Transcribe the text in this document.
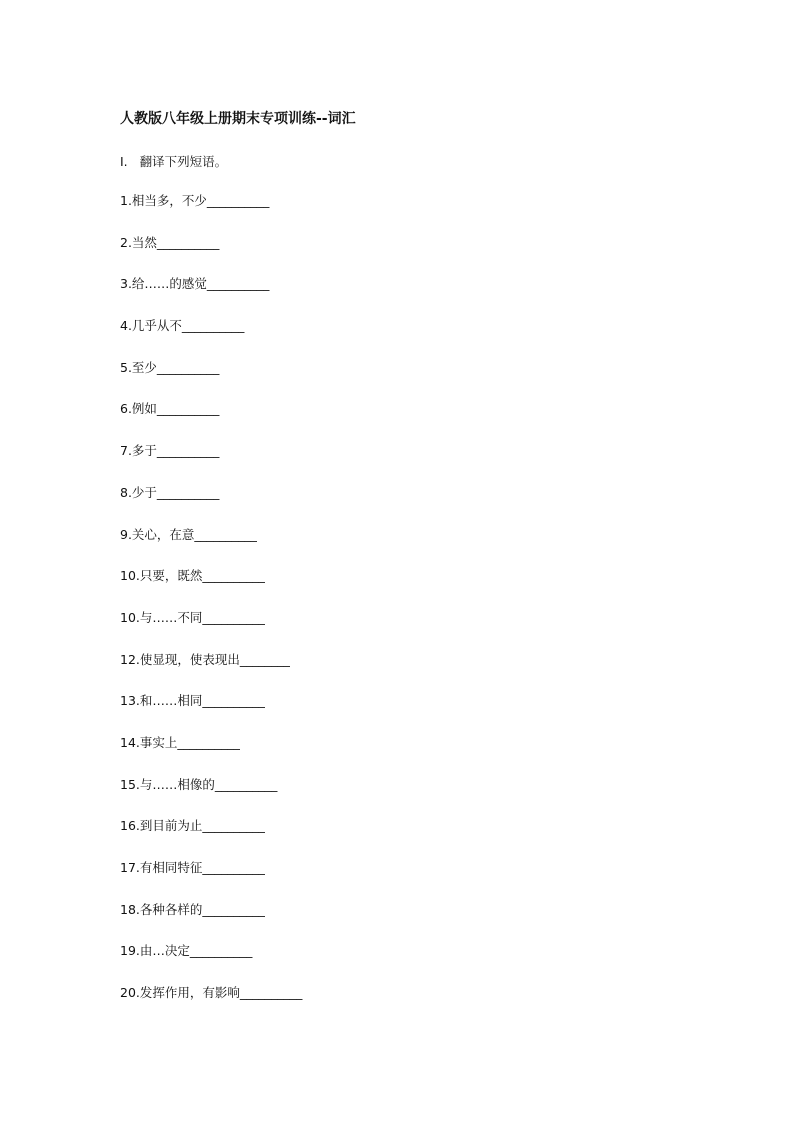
人教版八年级上册期末专项训练--词汇
I. 翻译下列短语。
1.相当多，不少__________
2.当然__________
3.给……的感觉__________
4.几乎从不__________
5.至少__________
6.例如__________
7.多于__________
8.少于__________
9.关心，在意__________
10.只要，既然__________
10.与……不同__________
12.使显现，使表现出________
13.和……相同__________
14.事实上__________
15.与……相像的__________
16.到目前为止__________
17.有相同特征__________
18.各种各样的__________
19.由…决定__________
20.发挥作用，有影响__________
